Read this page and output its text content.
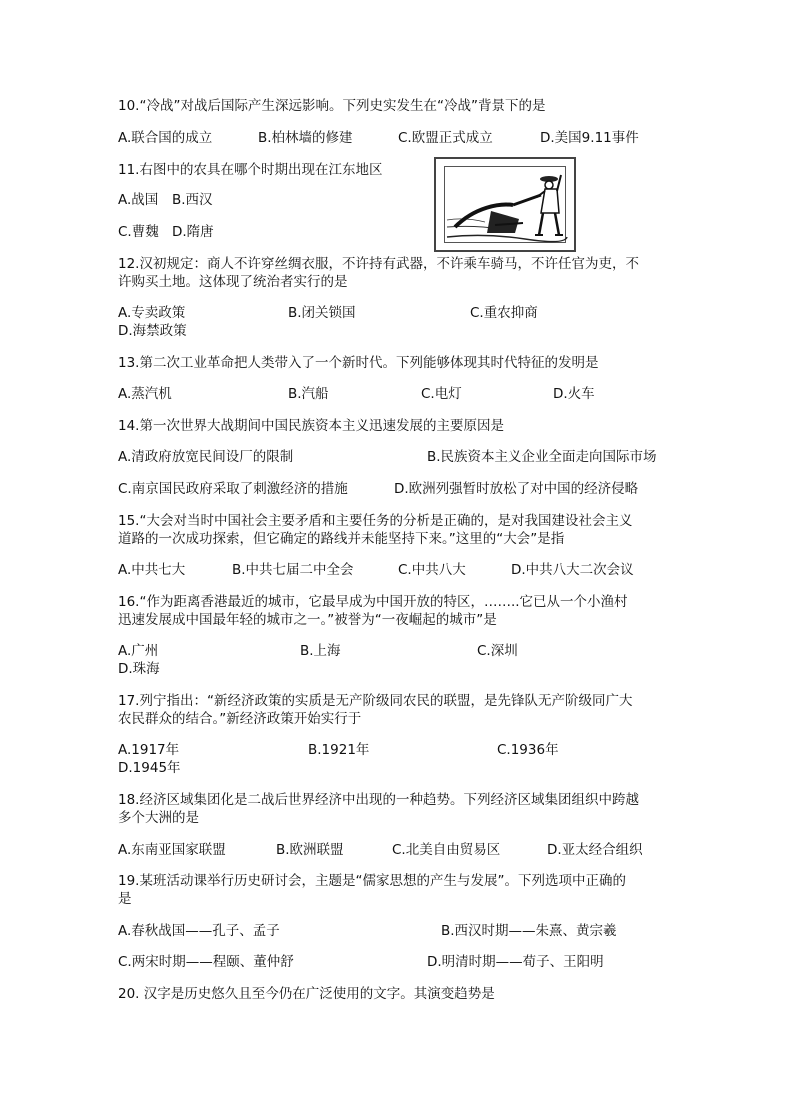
10.“冷战”对战后国际产生深远影响。下列史实发生在“冷战”背景下的是
A.联合国的成立	B.柏林墙的修建	C.欧盟正式成立	D.美国9.11事件
11.右图中的农具在哪个时期出现在江东地区
A.战国 B.西汉
C.曹魏 D.隋唐
12.汉初规定：商人不许穿丝绸衣服，不许持有武器，不许乘车骑马，不许任官为吏，不
许购买土地。这体现了统治者实行的是
A.专卖政策	B.闭关锁国	C.重农抑商
D.海禁政策
13.第二次工业革命把人类带入了一个新时代。下列能够体现其时代特征的发明是
A.蒸汽机	B.汽船	C.电灯	D.火车
14.第一次世界大战期间中国民族资本主义迅速发展的主要原因是
A.清政府放宽民间设厂的限制	B.民族资本主义企业全面走向国际市场
C.南京国民政府采取了刺激经济的措施	D.欧洲列强暂时放松了对中国的经济侵略
15.“大会对当时中国社会主要矛盾和主要任务的分析是正确的，是对我国建设社会主义
道路的一次成功探索，但它确定的路线并未能坚持下来。”这里的“大会”是指
A.中共七大	B.中共七届二中全会	C.中共八大	D.中共八大二次会议
16.“作为距离香港最近的城市，它最早成为中国开放的特区，……..它已从一个小渔村
迅速发展成中国最年轻的城市之一。”被誉为“一夜崛起的城市”是
A.广州	B.上海	C.深圳
D.珠海
17.列宁指出：“新经济政策的实质是无产阶级同农民的联盟，是先锋队无产阶级同广大
农民群众的结合。”新经济政策开始实行于
A.1917年	B.1921年	C.1936年
D.1945年
18.经济区域集团化是二战后世界经济中出现的一种趋势。下列经济区域集团组织中跨越
多个大洲的是
A.东南亚国家联盟	B.欧洲联盟	C.北美自由贸易区	D.亚太经合组织
19.某班活动课举行历史研讨会，主题是“儒家思想的产生与发展”。下列选项中正确的
是
A.春秋战国——孔子、孟子	B.西汉时期——朱熹、黄宗羲
C.两宋时期——程颐、董仲舒	D.明清时期——荀子、王阳明
20. 汉字是历史悠久且至今仍在广泛使用的文字。其演变趋势是
